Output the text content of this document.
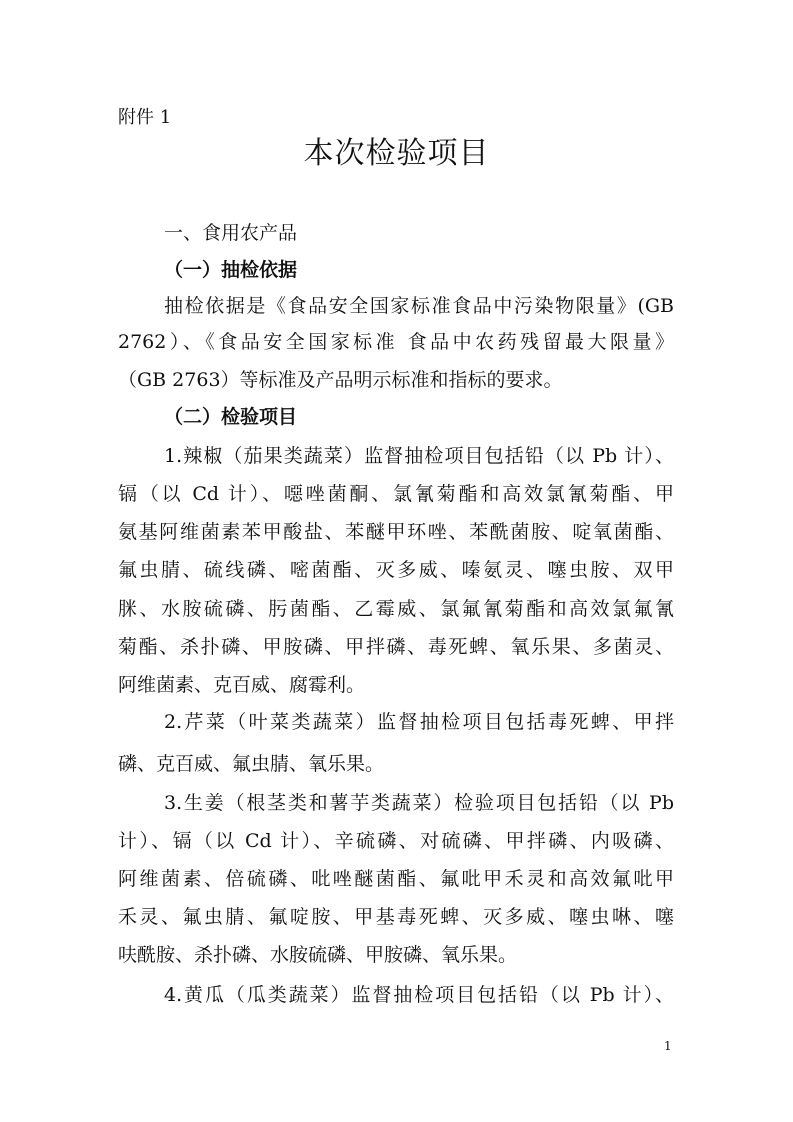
附件 1
本次检验项目
一、食用农产品
（一）抽检依据
抽检依据是《食品安全国家标准食品中污染物限量》(GB
2762）、《食品安全国家标准 食品中农药残留最大限量》
（GB 2763）等标准及产品明示标准和指标的要求。
（二）检验项目
1.辣椒（茄果类蔬菜）监督抽检项目包括铅（以 Pb 计）、
镉（以 Cd 计）、噁唑菌酮、氯氰菊酯和高效氯氰菊酯、甲
氨基阿维菌素苯甲酸盐、苯醚甲环唑、苯酰菌胺、啶氧菌酯、
氟虫腈、硫线磷、嘧菌酯、灭多威、嗪氨灵、噻虫胺、双甲
脒、水胺硫磷、肟菌酯、乙霉威、氯氟氰菊酯和高效氯氟氰
菊酯、杀扑磷、甲胺磷、甲拌磷、毒死蜱、氧乐果、多菌灵、
阿维菌素、克百威、腐霉利。
2.芹菜（叶菜类蔬菜）监督抽检项目包括毒死蜱、甲拌
磷、克百威、氟虫腈、氧乐果。
3.生姜（根茎类和薯芋类蔬菜）检验项目包括铅（以 Pb
计）、镉（以 Cd 计）、辛硫磷、对硫磷、甲拌磷、内吸磷、
阿维菌素、倍硫磷、吡唑醚菌酯、氟吡甲禾灵和高效氟吡甲
禾灵、氟虫腈、氟啶胺、甲基毒死蜱、灭多威、噻虫啉、噻
呋酰胺、杀扑磷、水胺硫磷、甲胺磷、氧乐果。
4.黄瓜（瓜类蔬菜）监督抽检项目包括铅（以 Pb 计）、
1
